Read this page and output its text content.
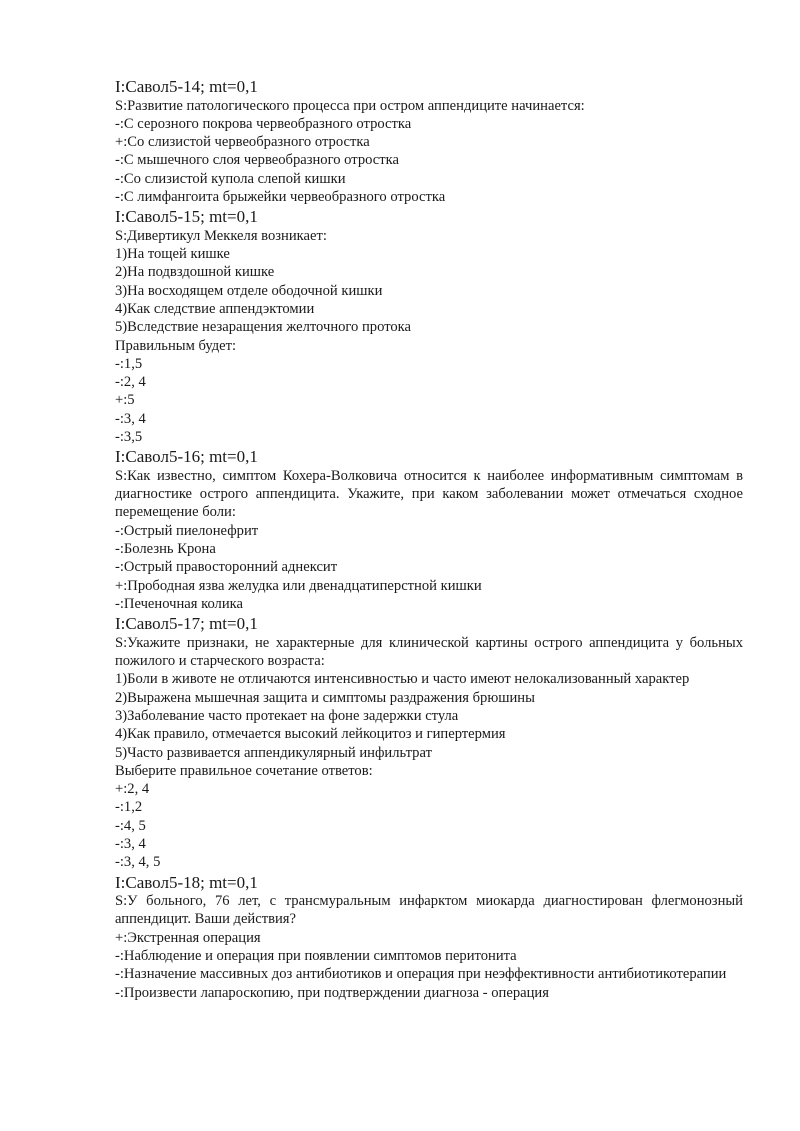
I:Савол5-14; mt=0,1
S:Развитие патологического процесса при остром аппендиците начинается:
-:С серозного покрова червеобразного отростка
+:Со слизистой червеобразного отростка
-:С мышечного слоя червеобразного отростка
-:Со слизистой купола слепой кишки
-:С лимфангоита брыжейки червеобразного отростка
I:Савол5-15; mt=0,1
S:Дивертикул Меккеля возникает:
1)На тощей кишке
2)На подвздошной кишке
3)На восходящем отделе ободочной кишки
4)Как следствие аппендэктомии
5)Вследствие незаращения желточного протока
Правильным будет:
-:1,5
-:2, 4
+:5
-:3, 4
-:3,5
I:Савол5-16; mt=0,1
S:Как известно, симптом Кохера-Волковича относится к наиболее информативным симптомам в диагностике острого аппендицита. Укажите, при каком заболевании может отмечаться сходное перемещение боли:
-:Острый пиелонефрит
-:Болезнь Крона
-:Острый правосторонний аднексит
+:Прободная язва желудка или двенадцатиперстной кишки
-:Печеночная колика
I:Савол5-17; mt=0,1
S:Укажите признаки, не характерные для клинической картины острого аппендицита у больных пожилого и старческого возраста:
1)Боли в животе не отличаются интенсивностью и часто имеют нелокализованный характер
2)Выражена мышечная защита и симптомы раздражения брюшины
3)Заболевание часто протекает на фоне задержки стула
4)Как правило, отмечается высокий лейкоцитоз и гипертермия
5)Часто развивается аппендикулярный инфильтрат
Выберите правильное сочетание ответов:
+:2, 4
-:1,2
-:4, 5
-:3, 4
-:3, 4, 5
I:Савол5-18; mt=0,1
S:У больного, 76 лет, с трансмуральным инфарктом миокарда диагностирован флегмонозный аппендицит. Ваши действия?
+:Экстренная операция
-:Наблюдение и операция при появлении симптомов перитонита
-:Назначение массивных доз антибиотиков и операция при неэффективности антибиотикотерапии
-:Произвести лапароскопию, при подтверждении диагноза - операция
